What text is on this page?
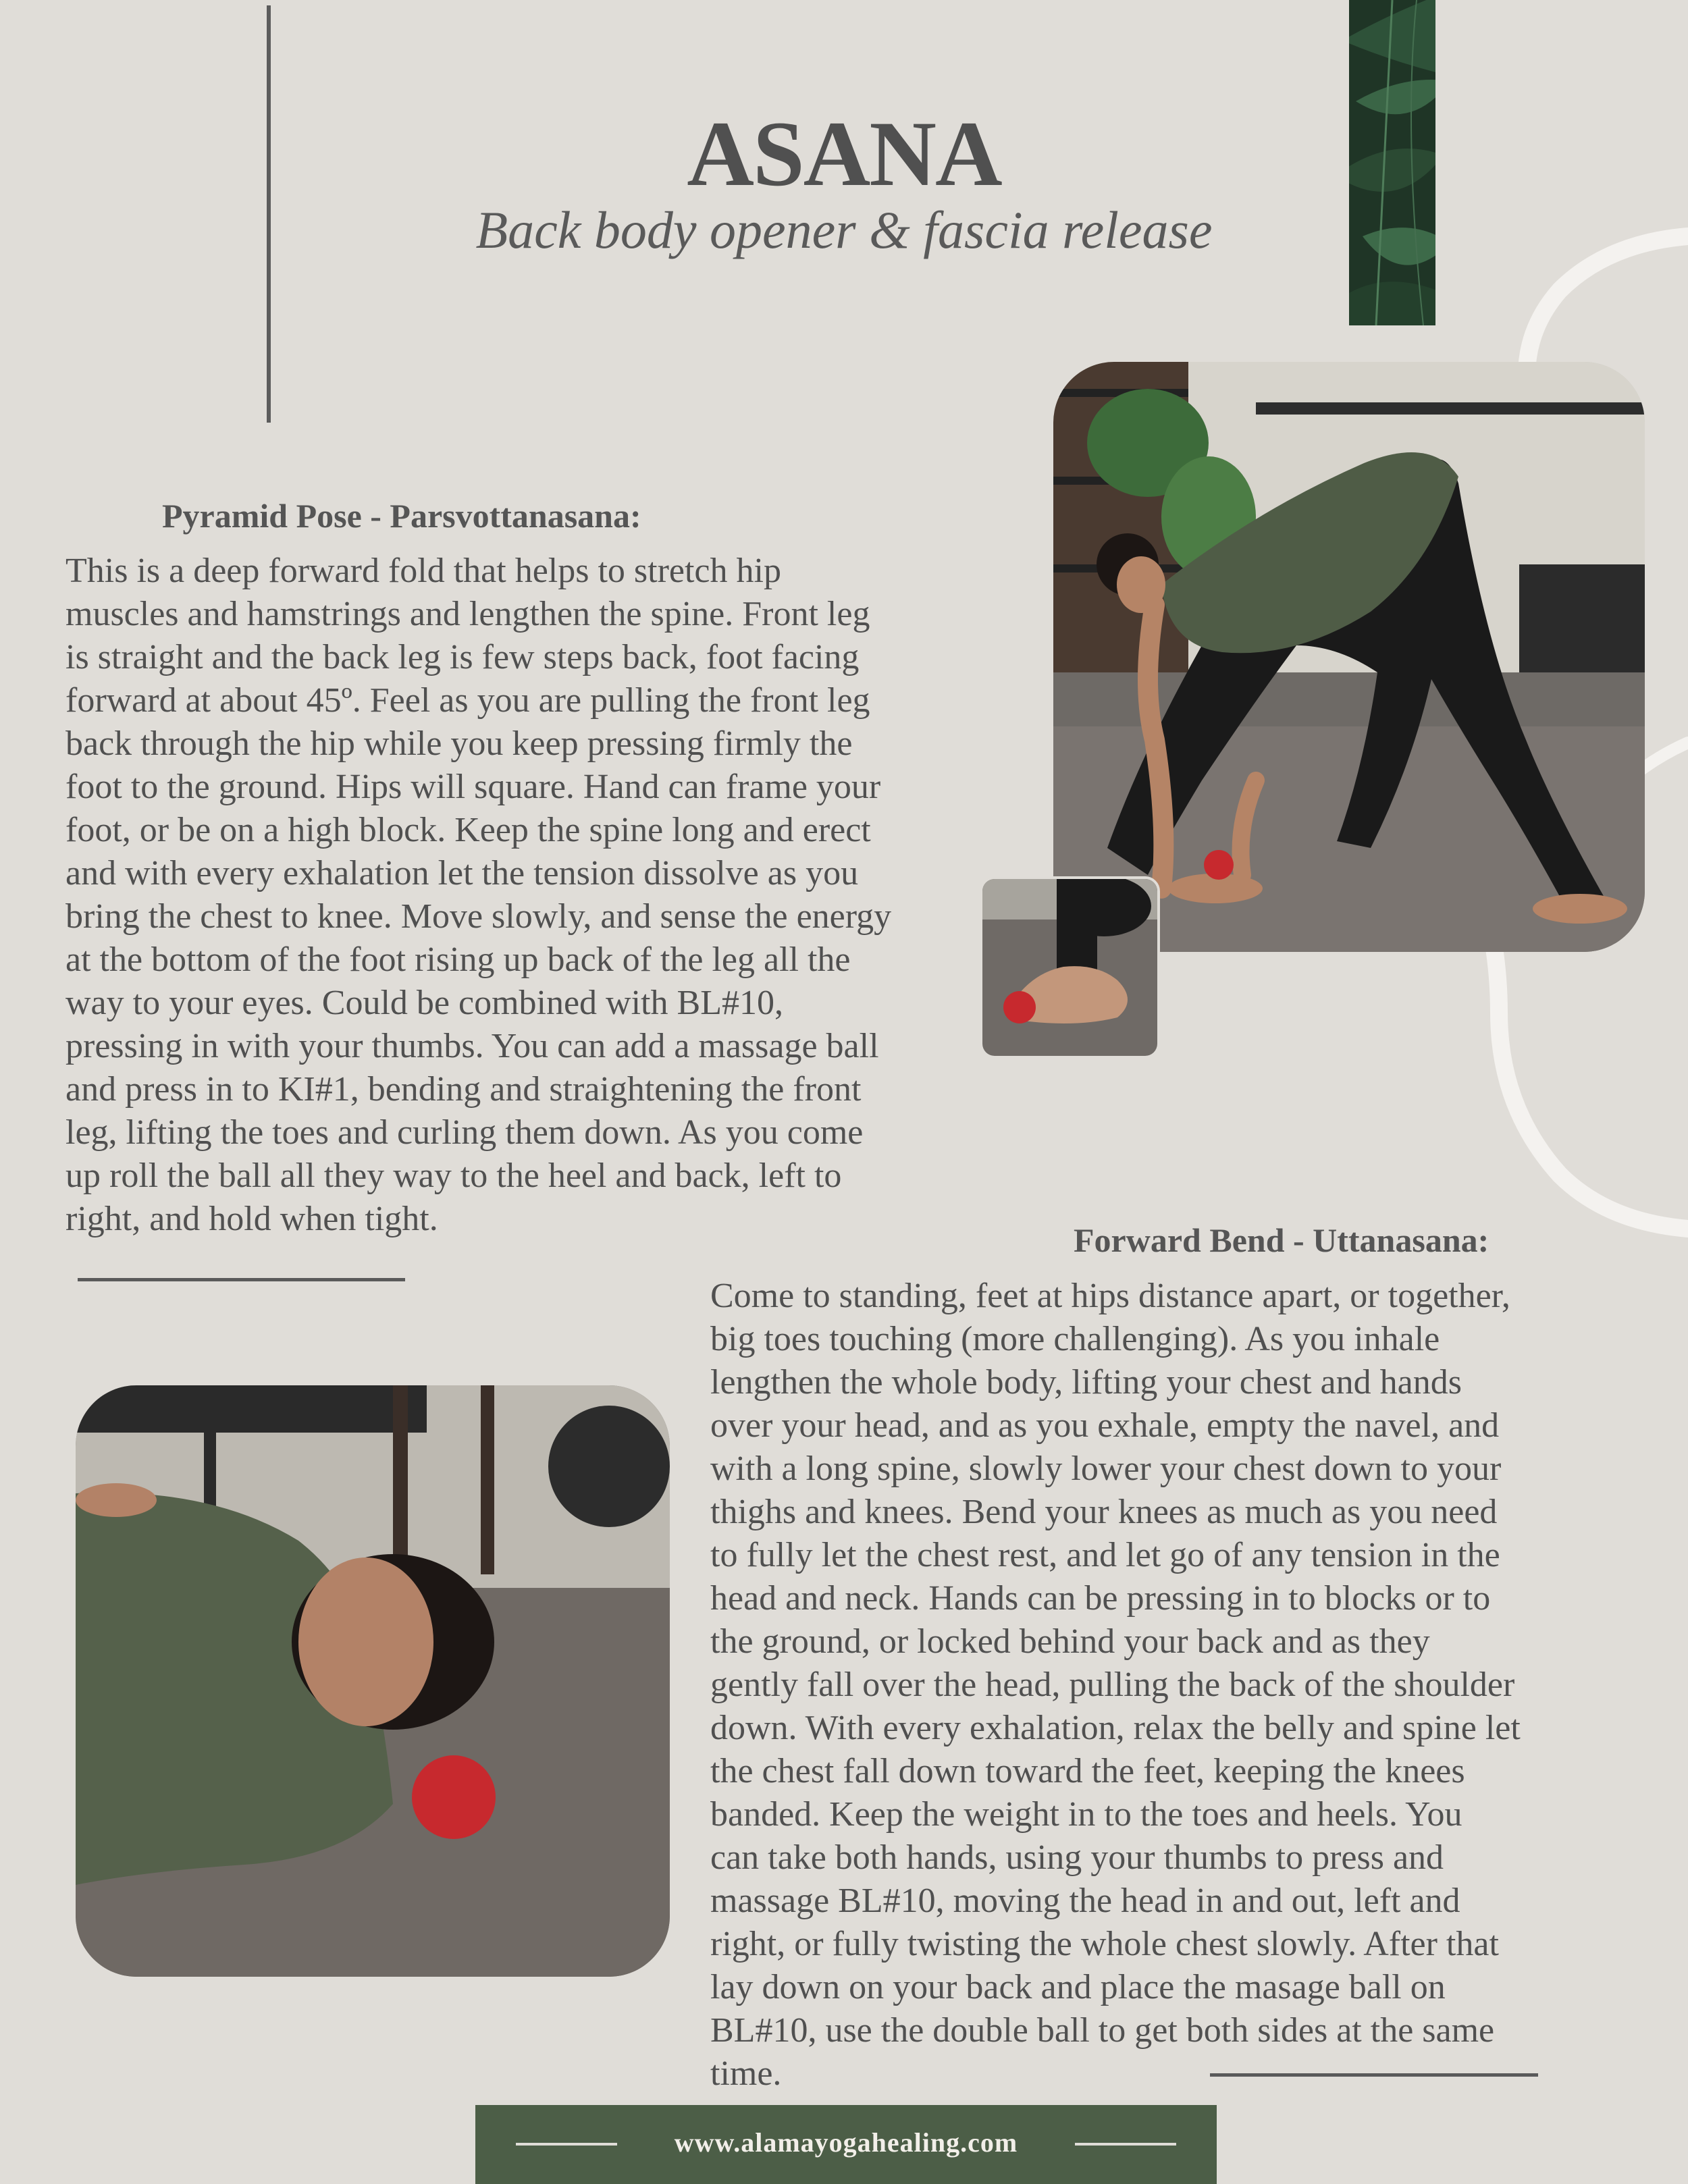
ASANA

Back body opener & fascia release

Pyramid Pose - Parsvottanasana:
This is a deep forward fold that helps to stretch hip
muscles and hamstrings and lengthen the spine. Front leg
is straight and the back leg is few steps back, foot facing
forward at about 45º. Feel as you are pulling the front leg
back through the hip while you keep pressing firmly the
foot to the ground. Hips will square. Hand can frame your
foot, or be on a high block. Keep the spine long and erect
and with every exhalation let the tension dissolve as you
bring the chest to knee. Move slowly, and sense the energy
at the bottom of the foot rising up back of the leg all the
way to your eyes. Could be combined with BL#10,
pressing in with your thumbs. You can add a massage ball
and press in to KI#1, bending and straightening the front
leg, lifting the toes and curling them down. As you come
up roll the ball all they way to the heel and back, left to
right, and hold when tight.
Forward Bend - Uttanasana:
Come to standing, feet at hips distance apart, or together,
big toes touching (more challenging). As you inhale
lengthen the whole body, lifting your chest and hands
over your head, and as you exhale, empty the navel, and
with a long spine, slowly lower your chest down to your
thighs and knees. Bend your knees as much as you need
to fully let the chest rest, and let go of any tension in the
head and neck. Hands can be pressing in to blocks or to
the ground, or locked behind your back and as they
gently fall over the head, pulling the back of the shoulder
down. With every exhalation, relax the belly and spine let
the chest fall down toward the feet, keeping the knees
banded. Keep the weight in to the toes and heels. You
can take both hands, using your thumbs to press and
massage BL#10, moving the head in and out, left and
right, or fully twisting the whole chest slowly. After that
lay down on your back and place the masage ball on
BL#10, use the double ball to get both sides at the same
time.
www.alamayogahealing.com
